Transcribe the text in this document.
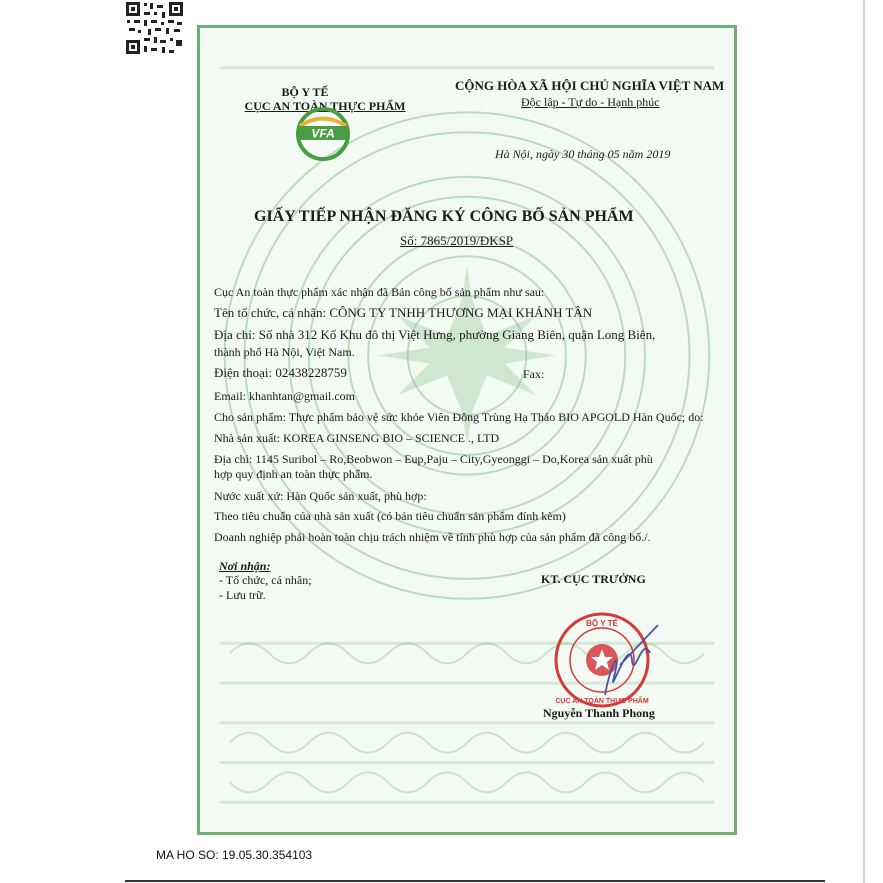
BỘ Y TẾ
CỤC AN TOÀN THỰC PHẨM
VFA
CỘNG HÒA XÃ HỘI CHỦ NGHĨA VIỆT NAM
Độc lập - Tự do - Hạnh phúc
Hà Nội, ngày 30 tháng 05 năm 2019
GIẤY TIẾP NHẬN ĐĂNG KÝ CÔNG BỐ SẢN PHẨM
Số: 7865/2019/ĐKSP
Cục An toàn thực phẩm xác nhận đã Bản công bố sản phẩm như sau:
Tên tổ chức, cá nhân: CÔNG TY TNHH THƯƠNG MẠI KHÁNH TÂN
Địa chỉ: Số nhà 312 Kố Khu đô thị Việt Hưng, phường Giang Biên, quận Long Biên,
thành phố Hà Nội, Việt Nam.
Điện thoại: 02438228759	Fax:
Email: khanhtan@gmail.com
Cho sản phẩm: Thực phẩm bảo vệ sức khỏe Viên Đông Trùng Hạ Thảo BIO APGOLD Hàn Quốc; do:
Nhà sản xuất: KOREA GINSENG BIO – SCIENCE ., LTD
Địa chỉ: 1145 Suribol – Ro,Beobwon – Eup,Paju – City,Gyeonggi – Do,Korea sản xuất phù
hợp quy định an toàn thực phẩm.
Nước xuất xứ: Hàn Quốc sản xuất, phù hợp:
Theo tiêu chuẩn của nhà sản xuất (có bản tiêu chuẩn sản phẩm đính kèm)
Doanh nghiệp phải hoàn toàn chịu trách nhiệm về tính phù hợp của sản phẩm đã công bố./.
Nơi nhận:
- Tổ chức, cá nhân;
- Lưu trữ.
KT. CỤC TRƯỞNG
BỘ Y TẾ
CỤC AN TOÀN THỰC PHẨM
Nguyễn Thanh Phong
MA HO SO: 19.05.30.354103
